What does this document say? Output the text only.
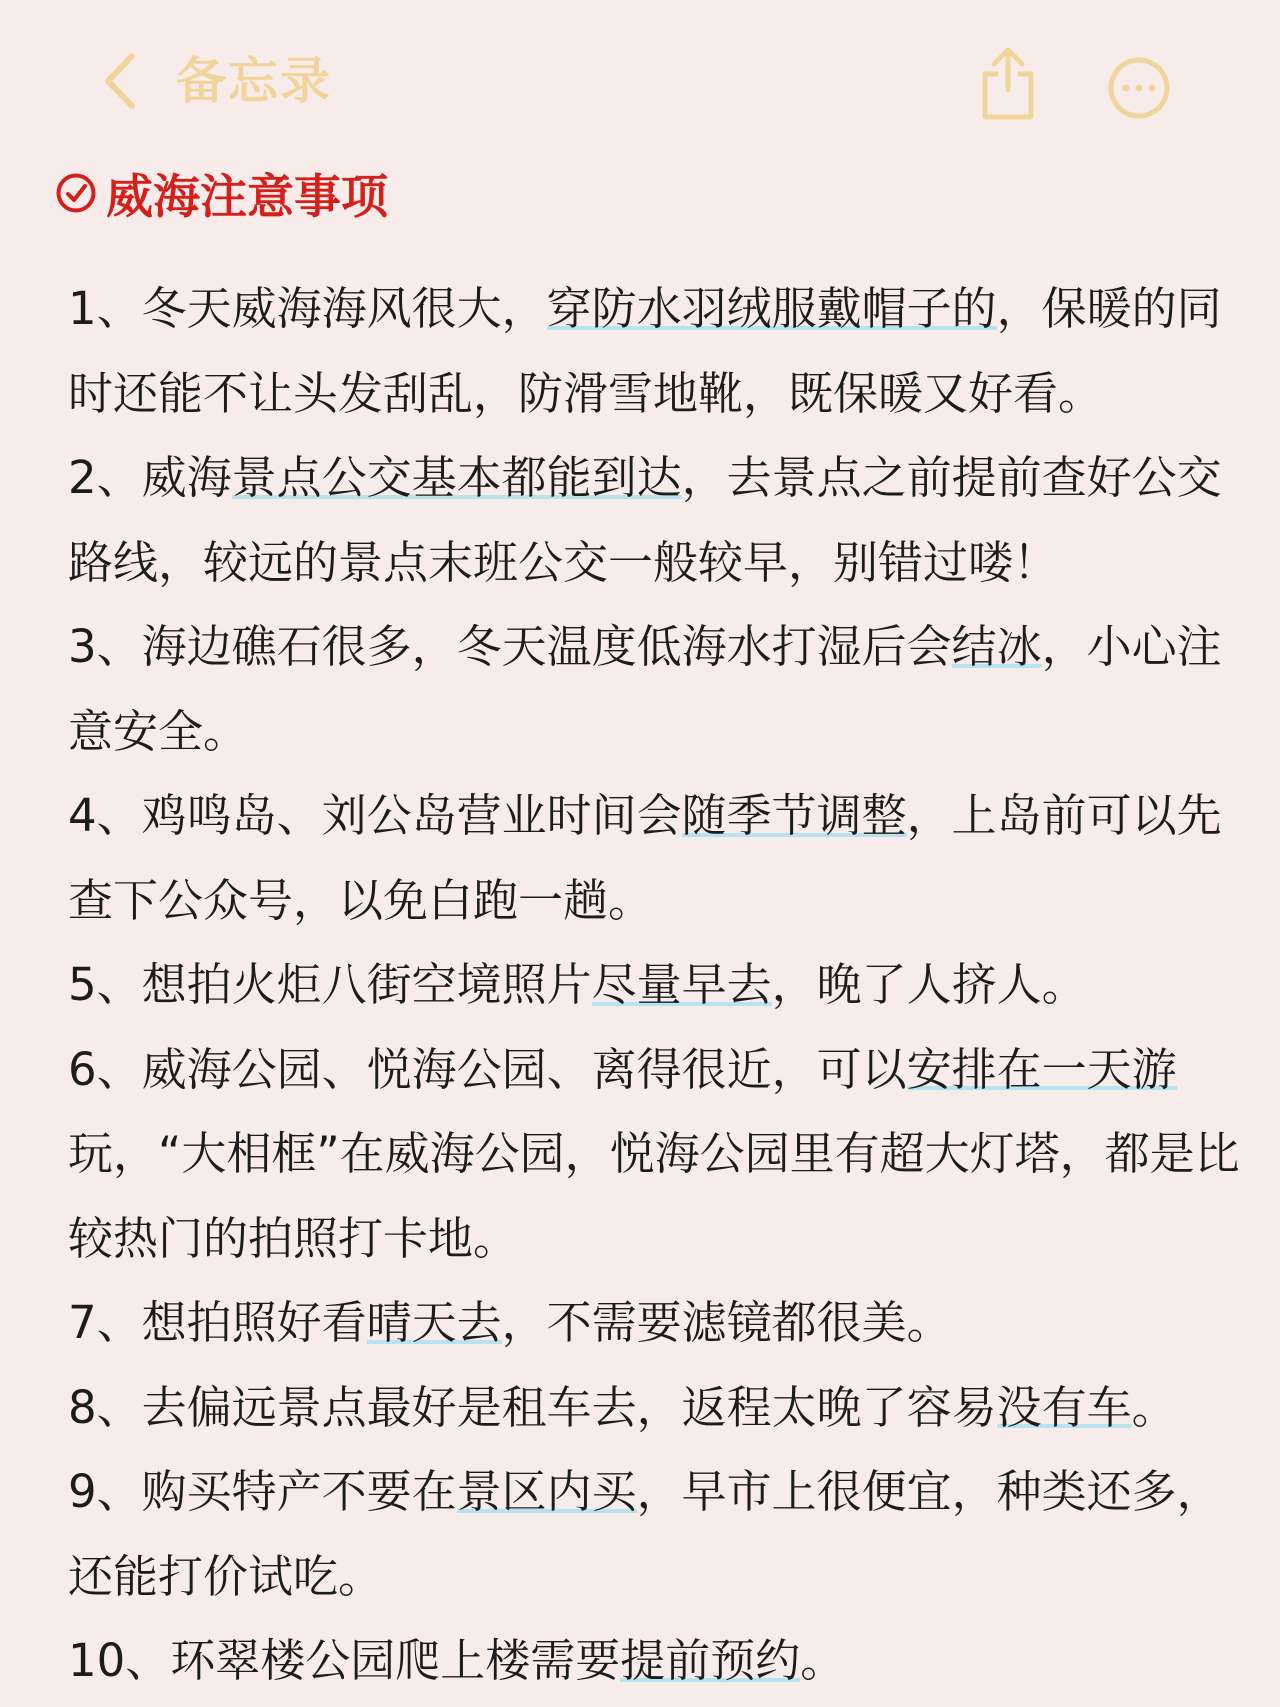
备忘录
威海注意事项
1、冬天威海海风很大，穿防水羽绒服戴帽子的，保暖的同时还能不让头发刮乱，防滑雪地靴，既保暖又好看。
2、威海景点公交基本都能到达，去景点之前提前查好公交路线，较远的景点末班公交一般较早，别错过喽！
3、海边礁石很多，冬天温度低海水打湿后会结冰，小心注意安全。
4、鸡鸣岛、刘公岛营业时间会随季节调整，上岛前可以先查下公众号，以免白跑一趟。
5、想拍火炬八街空境照片尽量早去，晚了人挤人。
6、威海公园、悦海公园、离得很近，可以安排在一天游玩，“大相框”在威海公园，悦海公园里有超大灯塔，都是比较热门的拍照打卡地。
7、想拍照好看晴天去，不需要滤镜都很美。
8、去偏远景点最好是租车去，返程太晚了容易没有车。
9、购买特产不要在景区内买，早市上很便宜，种类还多，还能打价试吃。
10、环翠楼公园爬上楼需要提前预约。
